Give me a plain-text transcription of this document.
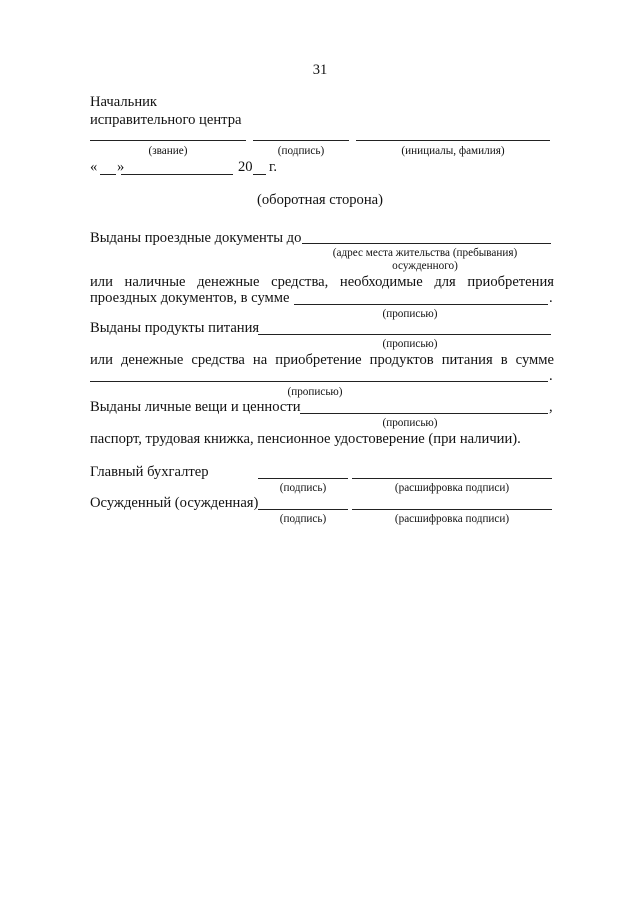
31
Начальник
исправительного центра
(звание)	(подпись)	(инициалы, фамилия)
« »	20 г.
(оборотная сторона)
Выданы проездные документы до
(адрес места жительства (пребывания)
осужденного)
или наличные денежные средства, необходимые для приобретения
проездных документов, в сумме	.
(прописью)
Выданы продукты питания
(прописью)
или денежные средства на приобретение продуктов питания в сумме
.
(прописью)
Выданы личные вещи и ценности	,
(прописью)
паспорт, трудовая книжка, пенсионное удостоверение (при наличии).
Главный бухгалтер
(подпись)	(расшифровка подписи)
Осужденный (осужденная)
(подпись)	(расшифровка подписи)
